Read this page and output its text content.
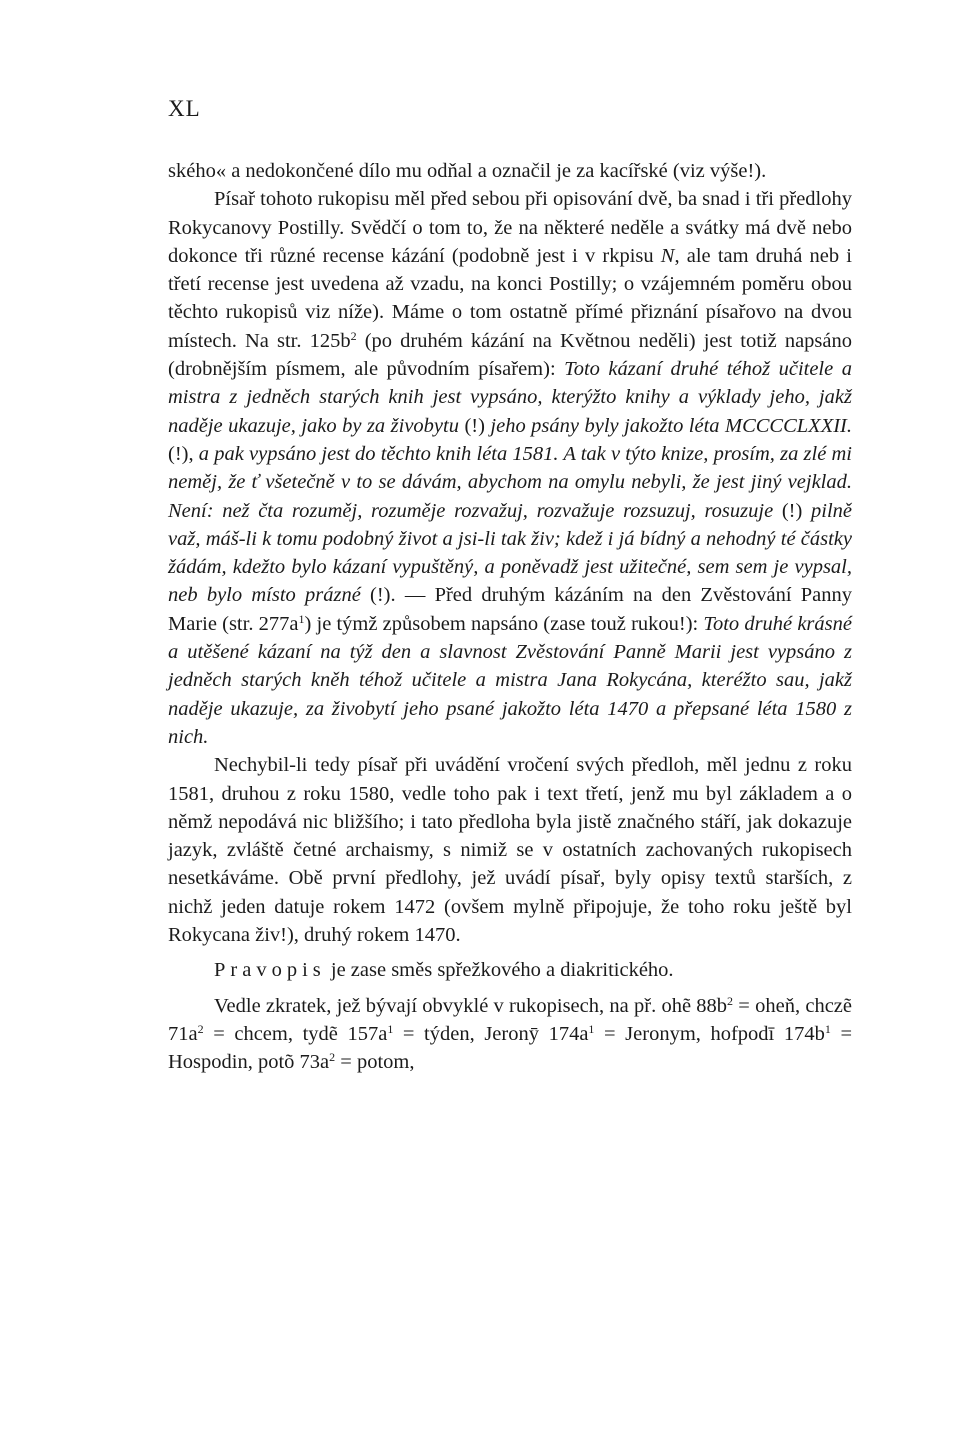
XL

ského« a nedokončené dílo mu odňal a označil je za kacířské (viz výše!).

Písař tohoto rukopisu měl před sebou při opisování dvě, ba snad i tři předlohy Rokycanovy Postilly. Svědčí o tom to, že na některé neděle a svátky má dvě nebo dokonce tři různé recense kázání (podobně jest i v rkpisu N, ale tam druhá neb i třetí recense jest uvedena až vzadu, na konci Postilly; o vzájemném poměru obou těchto rukopisů viz níže). Máme o tom ostatně přímé přiznání písařovo na dvou místech. Na str. $125b^2$ (po druhém kázání na Květnou neděli) jest totiž napsáno (drobnějším písmem, ale původním písařem): Toto kázaní druhé téhož učitele a mistra z jedněch starých knih jest vypsáno, kterýžto knihy a výklady jeho, jakž naděje ukazuje, jako by za živobytu (!) jeho psány byly jakožto léta MCCCCLXXII. (!), a pak vypsáno jest do těchto knih léta 1581. A tak v týto knize, prosím, za zlé mi neměj, že ť všetečně v to se dávám, abychom na omylu nebyli, že jest jiný vejklad. Není: než čta rozuměj, rozuměje rozvažuj, rozvažuje rozsuzuj, rosuzuje (!) pilně važ, máš-li k tomu podobný život a jsi-li tak živ; kdež i já bídný a nehodný té částky žádám, kdežto bylo kázaní vypuštěný, a poněvadž jest užitečné, sem sem je vypsal, neb bylo místo prázné (!). — Před druhým kázáním na den Zvěstování Panny Marie (str. $277a^1$) je týmž způsobem napsáno (zase touž rukou!): Toto druhé krásné a utěšené kázaní na týž den a slavnost Zvěstování Panně Marii jest vypsáno z jedněch starých kněh téhož učitele a mistra Jana Rokycána, kteréžto sau, jakž naděje ukazuje, za živobytí jeho psané jakožto léta 1470 a přepsané léta 1580 z nich.

Nechybil-li tedy písař při uvádění vročení svých předloh, měl jednu z roku 1581, druhou z roku 1580, vedle toho pak i text třetí, jenž mu byl základem a o němž nepodává nic bližšího; i tato předloha byla jistě značného stáří, jak dokazuje jazyk, zvláště četné archaismy, s nimiž se v ostatních zachovaných rukopisech nesetkáváme. Obě první předlohy, jež uvádí písař, byly opisy textů starších, z nichž jeden datuje rokem 1472 (ovšem mylně připojuje, že toho roku ještě byl Rokycana živ!), druhý rokem 1470.

Pravopis je zase směs spřežkového a diakritického.

Vedle zkratek, jež bývají obvyklé v rukopisech, na př. ohẽ $88b^2$ = oheň, chczẽ $71a^2$ = chcem, tydẽ $157a^1$ = týden, Jeronȳ $174a^1$ = Jeronym, hofpodī $174b^1$ = Hospodin, potõ $73a^2$ = potom,
